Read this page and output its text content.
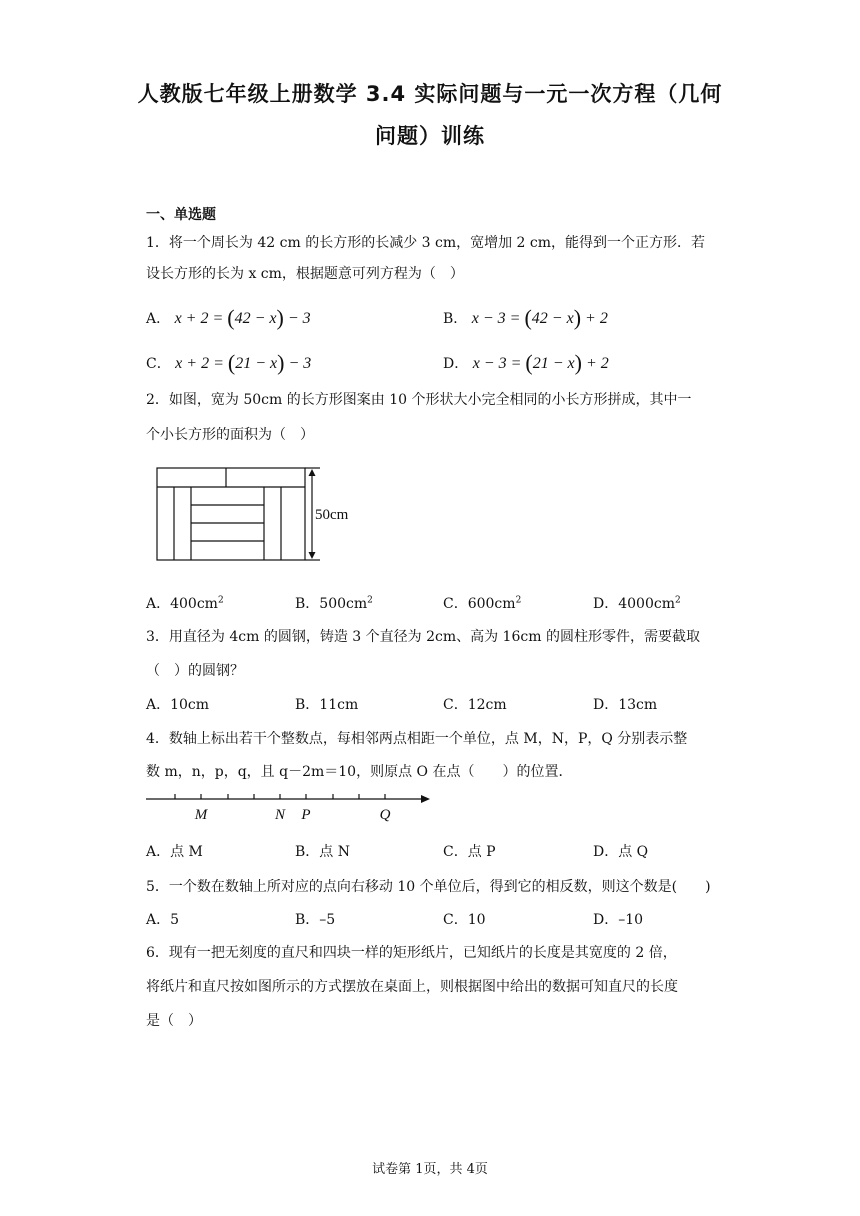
人教版七年级上册数学 3.4 实际问题与一元一次方程（几何
问题）训练
一、单选题
1．将一个周长为 42 cm 的长方形的长减少 3 cm，宽增加 2 cm，能得到一个正方形．若
设长方形的长为 x cm，根据题意可列方程为（　）
A． x + 2 = (42 − x) − 3	B． x − 3 = (42 − x) + 2
C． x + 2 = (21 − x) − 3	D． x − 3 = (21 − x) + 2
2．如图，宽为 50cm 的长方形图案由 10 个形状大小完全相同的小长方形拼成，其中一
个小长方形的面积为（　）
50cm
A．$400cm^2$	B．$500cm^2$	C．$600cm^2$	D．$4000cm^2$
3．用直径为 4cm 的圆钢，铸造 3 个直径为 2cm、高为 16cm 的圆柱形零件，需要截取
（　）的圆钢？
A．10cm	B．11cm	C．12cm	D．13cm
4．数轴上标出若干个整数点，每相邻两点相距一个单位，点 M，N，P，Q 分别表示整
数 m，n，p，q，且 q－2m＝10，则原点 O 在点（　　）的位置．
M	N P	Q
A．点 M	B．点 N	C．点 P	D．点 Q
5．一个数在数轴上所对应的点向右移动 10 个单位后，得到它的相反数，则这个数是(　　)
A．5	B．–5	C．10	D．–10
6．现有一把无刻度的直尺和四块一样的矩形纸片，已知纸片的长度是其宽度的 2 倍，
将纸片和直尺按如图所示的方式摆放在桌面上，则根据图中给出的数据可知直尺的长度
是（　）
试卷第 1页，共 4页
